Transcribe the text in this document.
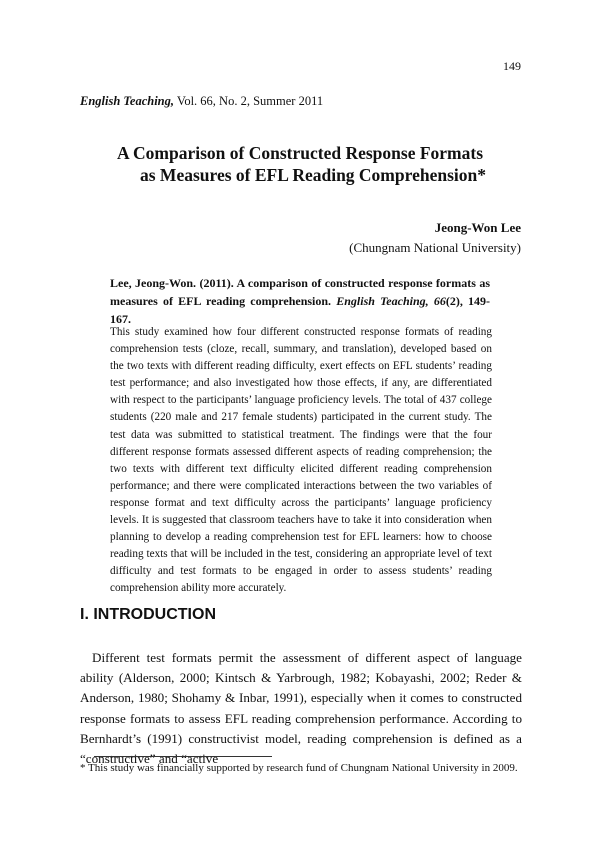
149
English Teaching, Vol. 66, No. 2, Summer 2011
A Comparison of Constructed Response Formats
as Measures of EFL Reading Comprehension*
Jeong-Won Lee
(Chungnam National University)
Lee, Jeong-Won. (2011). A comparison of constructed response formats as measures of EFL reading comprehension. English Teaching, 66(2), 149-167.
This study examined how four different constructed response formats of reading comprehension tests (cloze, recall, summary, and translation), developed based on the two texts with different reading difficulty, exert effects on EFL students’ reading test performance; and also investigated how those effects, if any, are differentiated with respect to the participants’ language proficiency levels. The total of 437 college students (220 male and 217 female students) participated in the current study. The test data was submitted to statistical treatment. The findings were that the four different response formats assessed different aspects of reading comprehension; the two texts with different text difficulty elicited different reading comprehension performance; and there were complicated interactions between the two variables of response format and text difficulty across the participants’ language proficiency levels. It is suggested that classroom teachers have to take it into consideration when planning to develop a reading comprehension test for EFL learners: how to choose reading texts that will be included in the test, considering an appropriate level of text difficulty and test formats to be engaged in order to assess students’ reading comprehension ability more accurately.
I. INTRODUCTION
Different test formats permit the assessment of different aspect of language ability (Alderson, 2000; Kintsch & Yarbrough, 1982; Kobayashi, 2002; Reder & Anderson, 1980; Shohamy & Inbar, 1991), especially when it comes to constructed response formats to assess EFL reading comprehension performance. According to Bernhardt’s (1991) constructivist model, reading comprehension is defined as a “constructive” and “active
* This study was financially supported by research fund of Chungnam National University in 2009.
